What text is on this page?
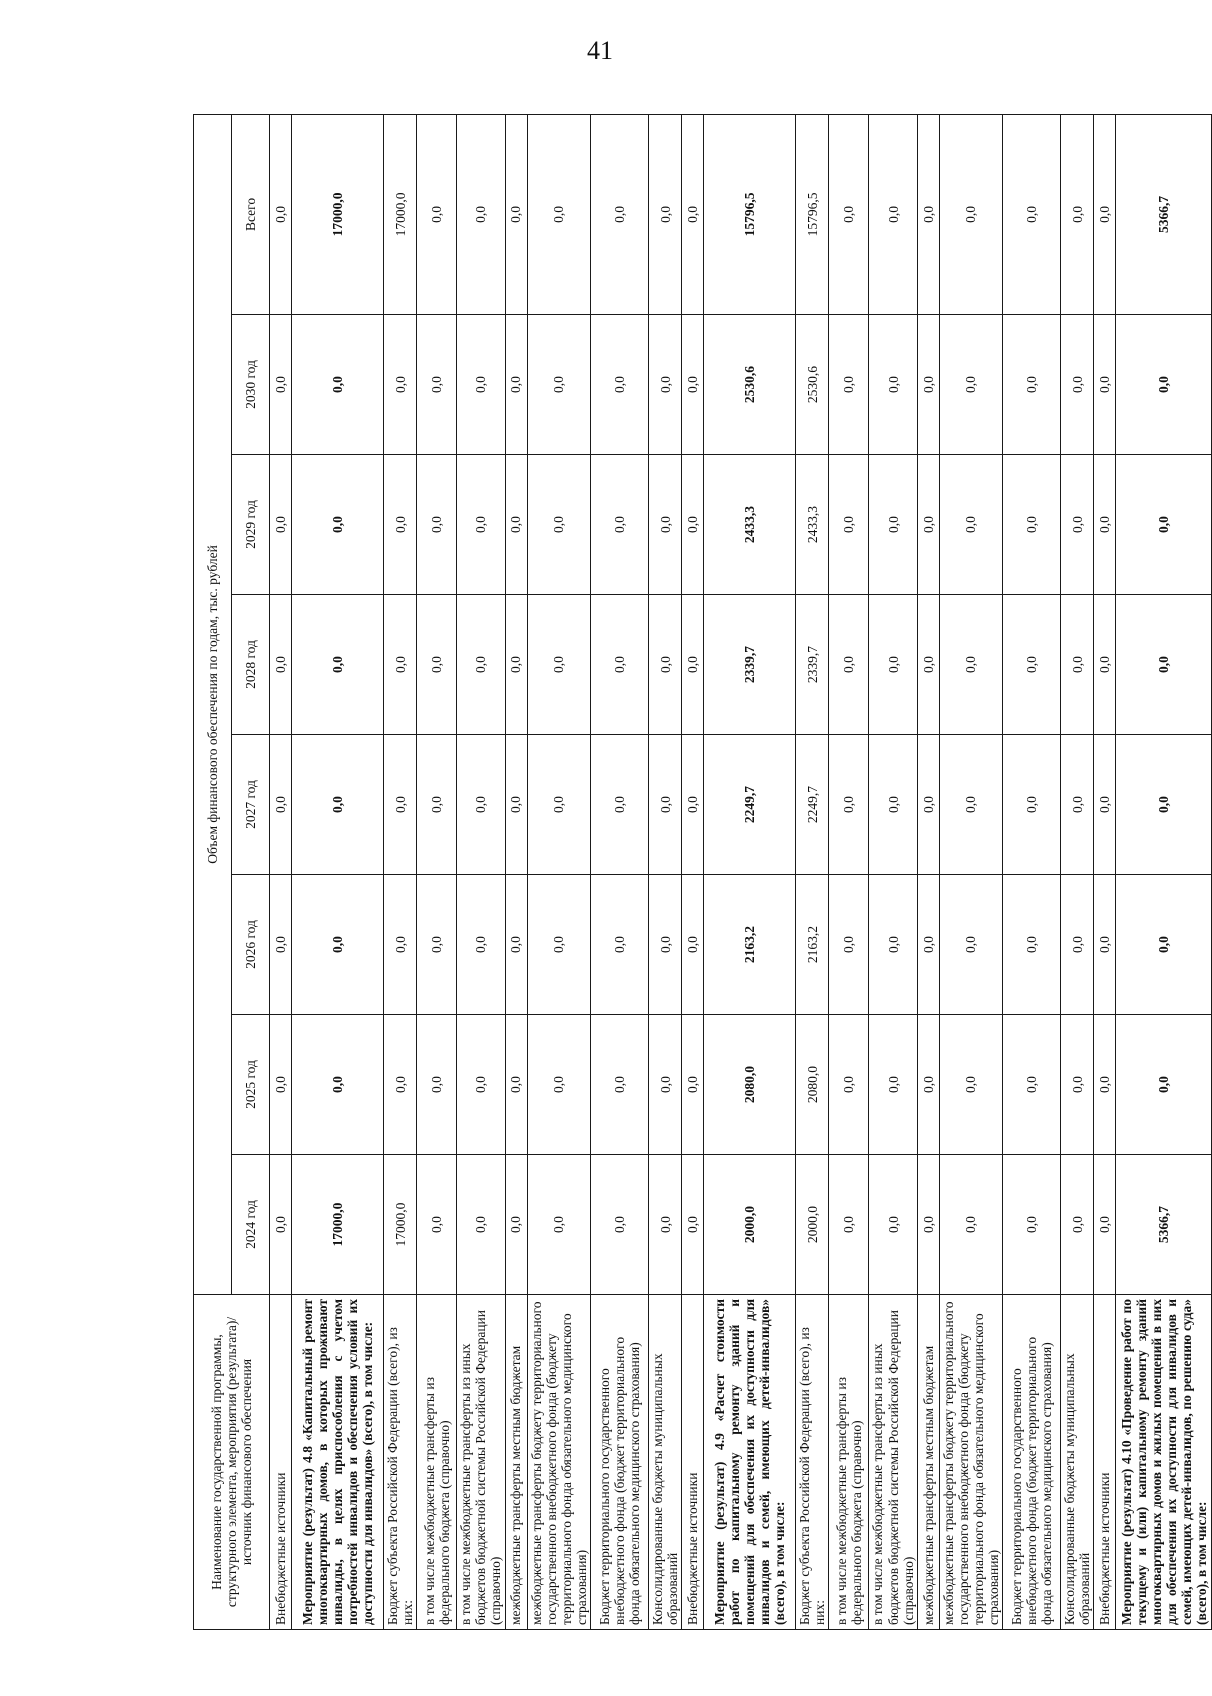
41
Наименование государственной программы, структурного элемента, мероприятия (результата)/источник финансового обеспечения	Объем финансового обеспечения по годам, тыс. рублей							
	2024 год	2025 год	2026 год	2027 год	2028 год	2029 год	2030 год	Всего
Внебюджетные источники	0,0	0,0	0,0	0,0	0,0	0,0	0,0	0,0
Мероприятие (результат) 4.8 «Капитальный ремонт многоквартирных домов, в которых проживают инвалиды, в целях приспособления с учетом потребностей инвалидов и обеспечения условий их доступности для инвалидов» (всего), в том числе:	17000,0	0,0	0,0	0,0	0,0	0,0	0,0	17000,0
Бюджет субъекта Российской Федерации (всего), из них:	17000,0	0,0	0,0	0,0	0,0	0,0	0,0	17000,0
в том числе межбюджетные трансферты из федерального бюджета (справочно)	0,0	0,0	0,0	0,0	0,0	0,0	0,0	0,0
в том числе межбюджетные трансферты из иных бюджетов бюджетной системы Российской Федерации (справочно)	0,0	0,0	0,0	0,0	0,0	0,0	0,0	0,0
межбюджетные трансферты местным бюджетам	0,0	0,0	0,0	0,0	0,0	0,0	0,0	0,0
межбюджетные трансферты бюджету территориального государственного внебюджетного фонда (бюджету территориального фонда обязательного медицинского страхования)	0,0	0,0	0,0	0,0	0,0	0,0	0,0	0,0
Бюджет территориального государственного внебюджетного фонда (бюджет территориального фонда обязательного медицинского страхования)	0,0	0,0	0,0	0,0	0,0	0,0	0,0	0,0
Консолидированные бюджеты муниципальных образований	0,0	0,0	0,0	0,0	0,0	0,0	0,0	0,0
Внебюджетные источники	0,0	0,0	0,0	0,0	0,0	0,0	0,0	0,0
Мероприятие (результат) 4.9 «Расчет стоимости работ по капитальному ремонту зданий и помещений для обеспечения их доступности для инвалидов и семей, имеющих детей-инвалидов» (всего), в том числе:	2000,0	2080,0	2163,2	2249,7	2339,7	2433,3	2530,6	15796,5
Бюджет субъекта Российской Федерации (всего), из них:	2000,0	2080,0	2163,2	2249,7	2339,7	2433,3	2530,6	15796,5
в том числе межбюджетные трансферты из федерального бюджета (справочно)	0,0	0,0	0,0	0,0	0,0	0,0	0,0	0,0
в том числе межбюджетные трансферты из иных бюджетов бюджетной системы Российской Федерации (справочно)	0,0	0,0	0,0	0,0	0,0	0,0	0,0	0,0
межбюджетные трансферты местным бюджетам	0,0	0,0	0,0	0,0	0,0	0,0	0,0	0,0
межбюджетные трансферты бюджету территориального государственного внебюджетного фонда (бюджету территориального фонда обязательного медицинского страхования)	0,0	0,0	0,0	0,0	0,0	0,0	0,0	0,0
Бюджет территориального государственного внебюджетного фонда (бюджет территориального фонда обязательного медицинского страхования)	0,0	0,0	0,0	0,0	0,0	0,0	0,0	0,0
Консолидированные бюджеты муниципальных образований	0,0	0,0	0,0	0,0	0,0	0,0	0,0	0,0
Внебюджетные источники	0,0	0,0	0,0	0,0	0,0	0,0	0,0	0,0
Мероприятие (результат) 4.10 «Проведение работ по текущему и (или) капитальному ремонту зданий многоквартирных домов и жилых помещений в них для обеспечения их доступности для инвалидов и семей, имеющих детей-инвалидов, по решению суда» (всего), в том числе:	5366,7	0,0	0,0	0,0	0,0	0,0	0,0	5366,7
